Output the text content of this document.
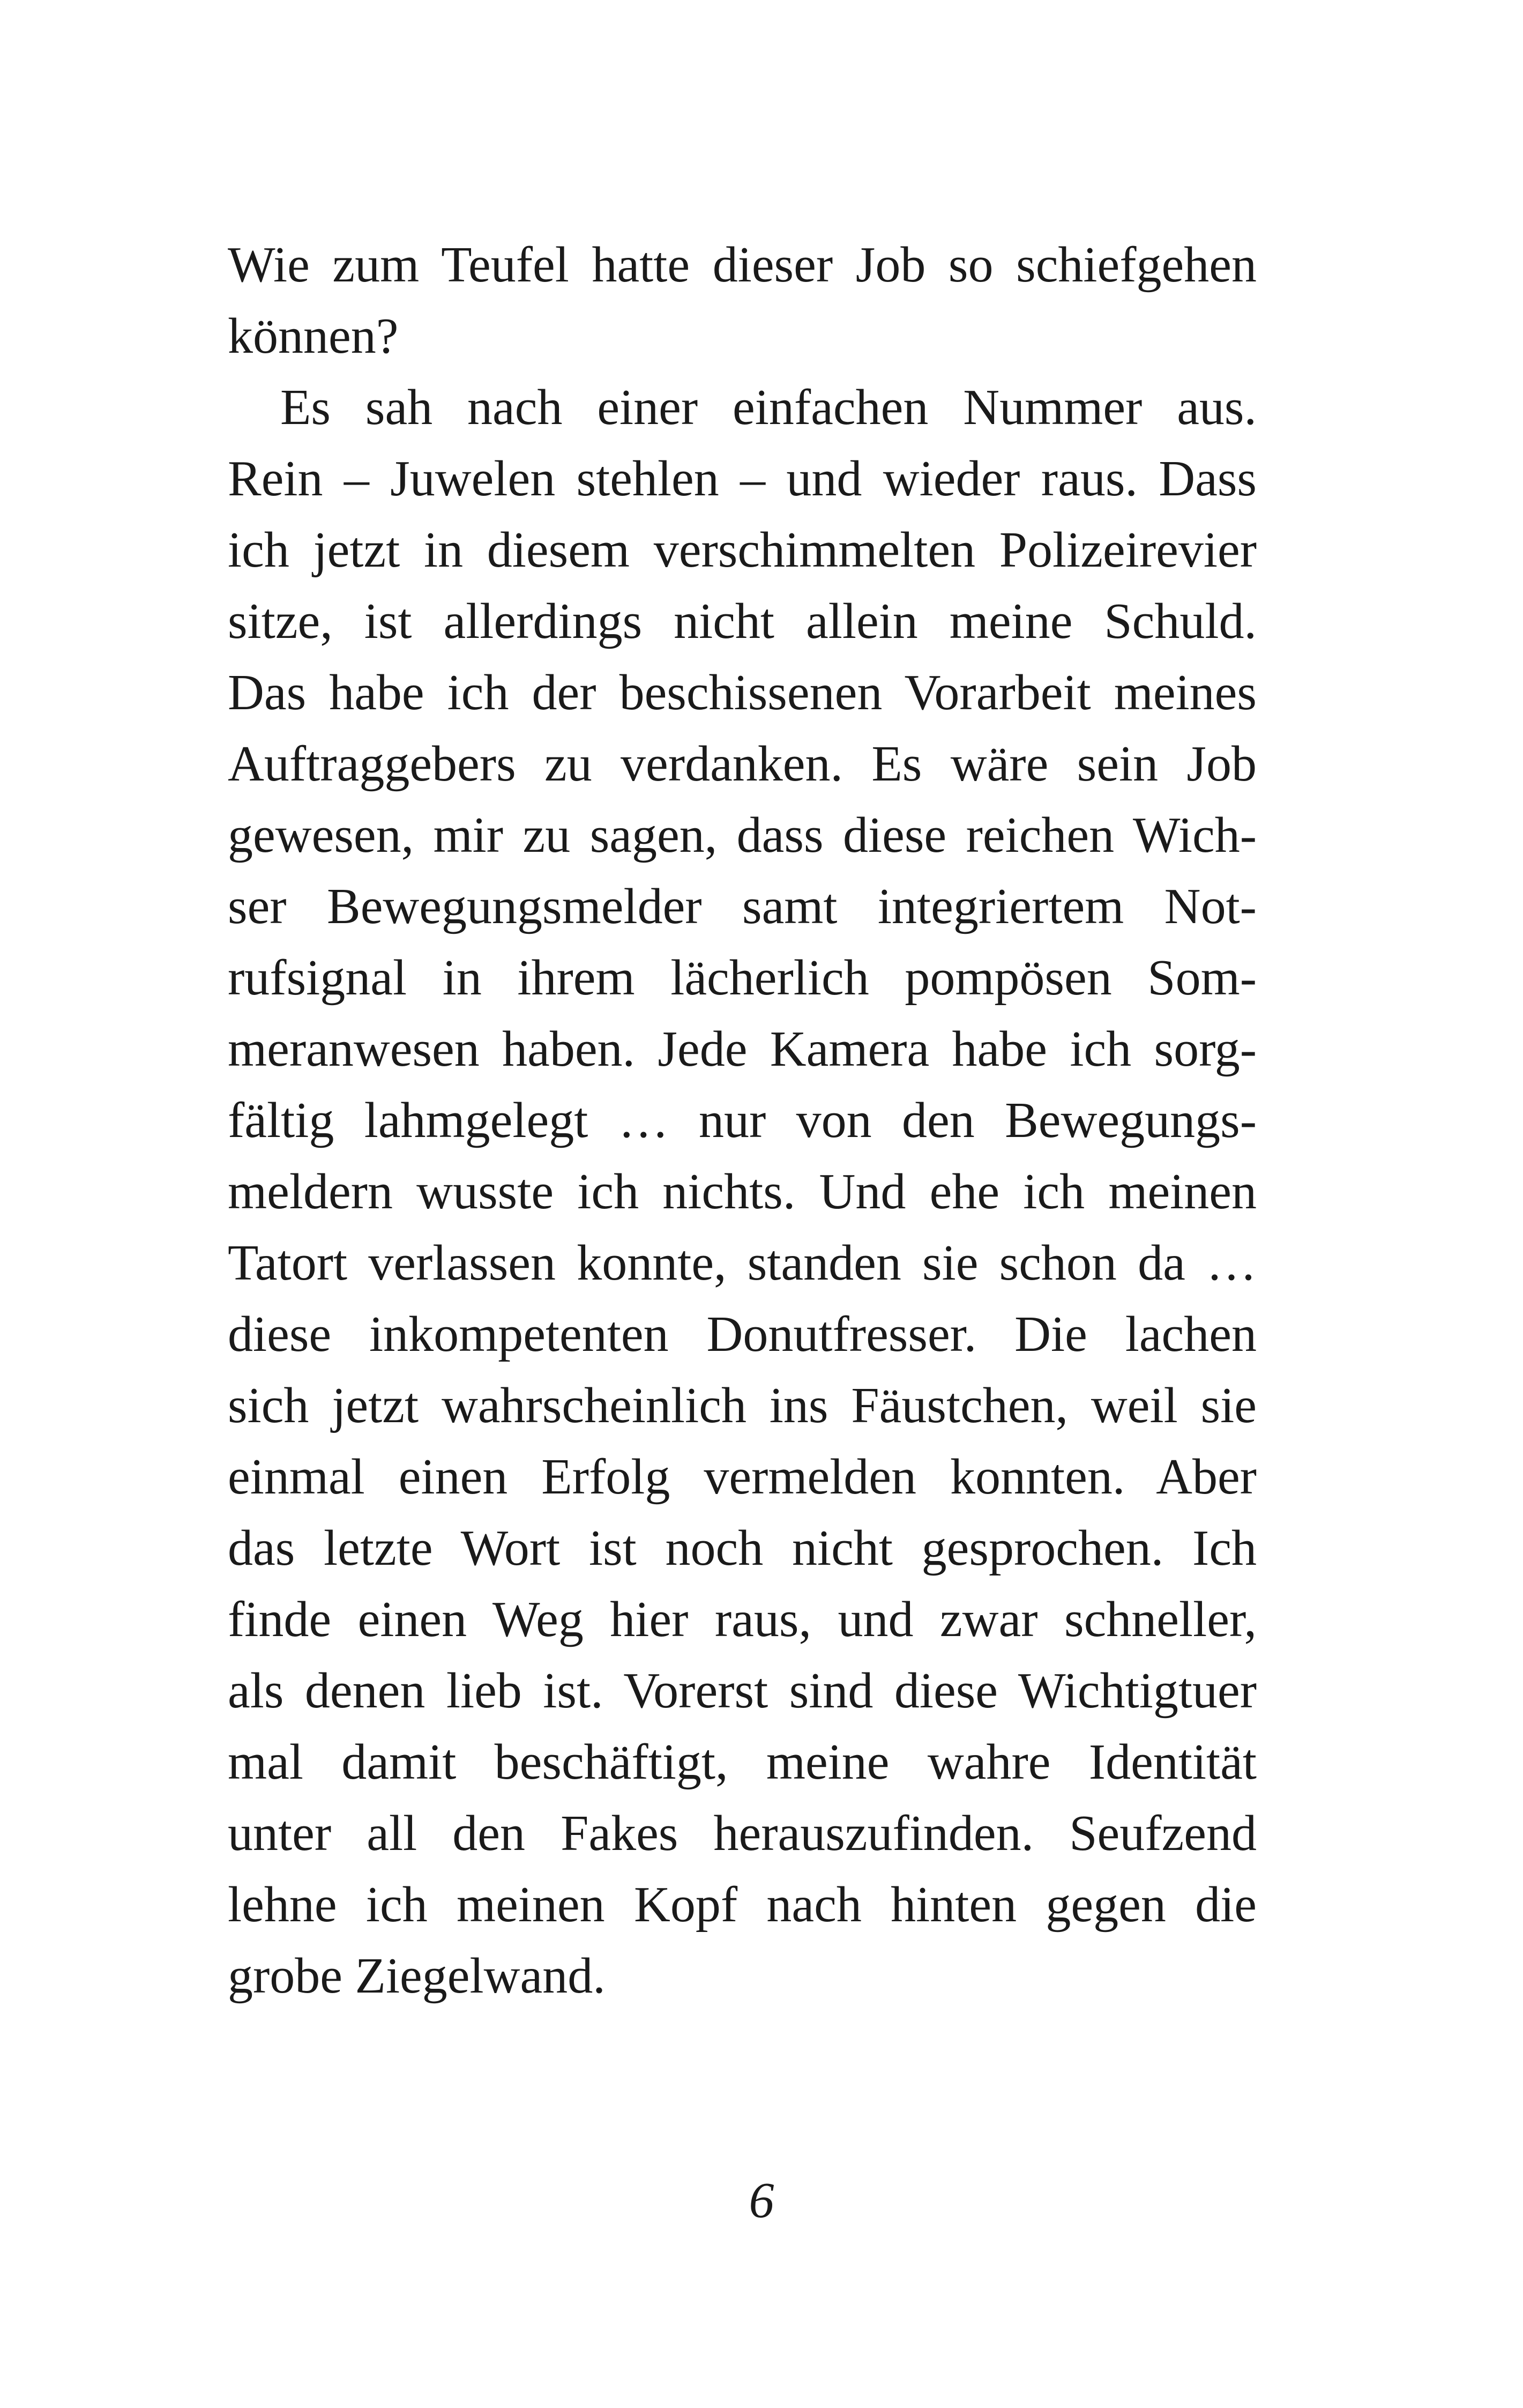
Wie zum Teufel hatte dieser Job so schiefgehen
können?
Es sah nach einer einfachen Nummer aus.
Rein – Juwelen stehlen – und wieder raus. Dass
ich jetzt in diesem verschimmelten Polizeirevier
sitze, ist allerdings nicht allein meine Schuld.
Das habe ich der beschissenen Vorarbeit meines
Auftraggebers zu verdanken. Es wäre sein Job
gewesen, mir zu sagen, dass diese reichen Wich-
ser Bewegungsmelder samt integriertem Not-
rufsignal in ihrem lächerlich pompösen Som-
meranwesen haben. Jede Kamera habe ich sorg-
fältig lahmgelegt … nur von den Bewegungs-
meldern wusste ich nichts. Und ehe ich meinen
Tatort verlassen konnte, standen sie schon da …
diese inkompetenten Donutfresser. Die lachen
sich jetzt wahrscheinlich ins Fäustchen, weil sie
einmal einen Erfolg vermelden konnten. Aber
das letzte Wort ist noch nicht gesprochen. Ich
finde einen Weg hier raus, und zwar schneller,
als denen lieb ist. Vorerst sind diese Wichtigtuer
mal damit beschäftigt, meine wahre Identität
unter all den Fakes herauszufinden. Seufzend
lehne ich meinen Kopf nach hinten gegen die
grobe Ziegelwand.
6
